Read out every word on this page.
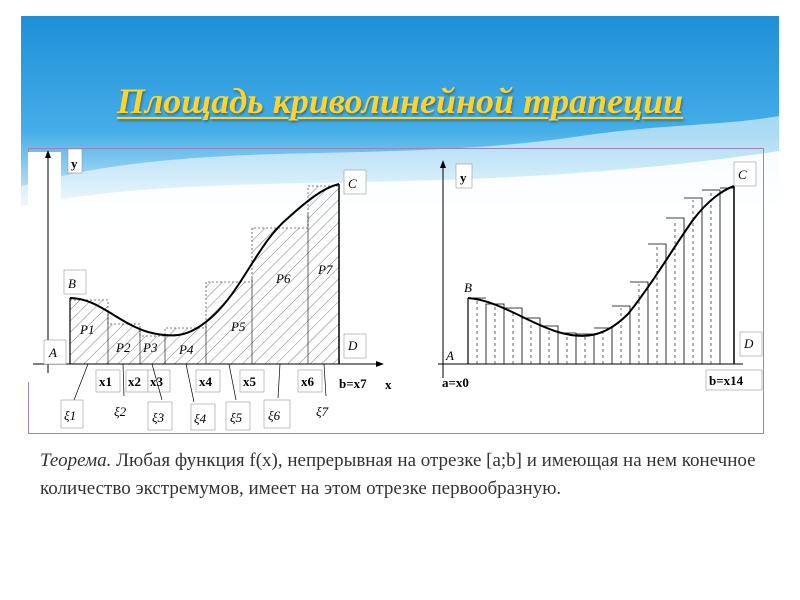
Площадь криволинейной трапеции
y
x
B
A
C
D
P1
P2 P3 P4
P5
P6
P7
x1 x2 x3	x4 x5	x6 b=x7
ξ1	ξ2 ξ3 ξ4 ξ5 ξ6	ξ7
y
B
A
C
D
a=x0	b=x14
Теорема. Любая функция f(x), непрерывная на отрезке [a;b] и имеющая на нем конечное количество экстремумов, имеет на этом отрезке первообразную.
